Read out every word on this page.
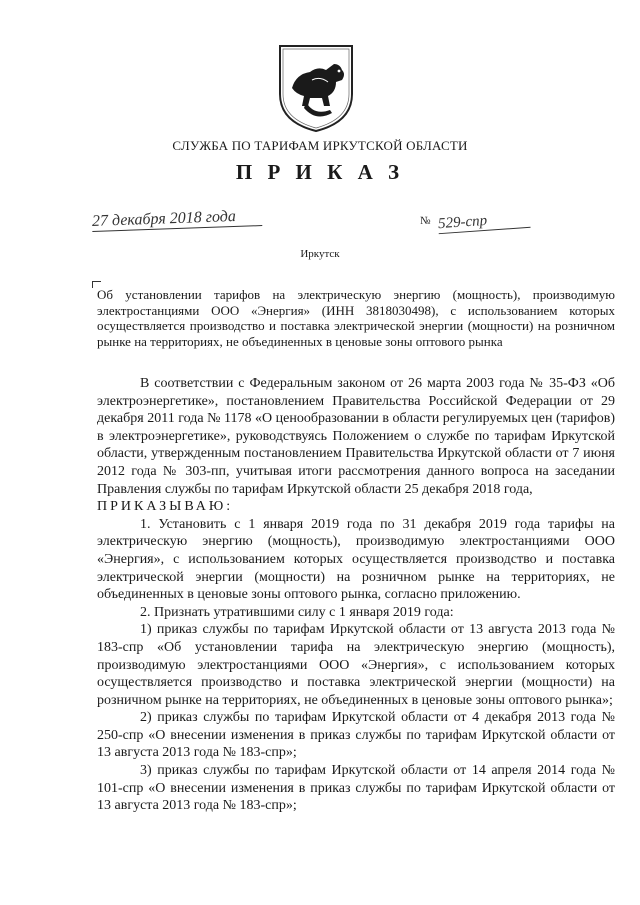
СЛУЖБА ПО ТАРИФАМ ИРКУТСКОЙ ОБЛАСТИ
П Р И К А З
27 декабря 2018 года	№ 529-спр
Иркутск
Об установлении тарифов на электрическую энергию (мощность), производимую электростанциями ООО «Энергия» (ИНН 3818030498), с использованием которых осуществляется производство и поставка электрической энергии (мощности) на розничном рынке на территориях, не объединенных в ценовые зоны оптового рынка

В соответствии с Федеральным законом от 26 марта 2003 года № 35-ФЗ «Об электроэнергетике», постановлением Правительства Российской Федерации от 29 декабря 2011 года № 1178 «О ценообразовании в области регулируемых цен (тарифов) в электроэнергетике», руководствуясь Положением о службе по тарифам Иркутской области, утвержденным постановлением Правительства Иркутской области от 7 июня 2012 года № 303-пп, учитывая итоги рассмотрения данного вопроса на заседании Правления службы по тарифам Иркутской области 25 декабря 2018 года,

ПРИКАЗЫВАЮ:

1. Установить с 1 января 2019 года по 31 декабря 2019 года тарифы на электрическую энергию (мощность), производимую электростанциями ООО «Энергия», с использованием которых осуществляется производство и поставка электрической энергии (мощности) на розничном рынке на территориях, не объединенных в ценовые зоны оптового рынка, согласно приложению.

2. Признать утратившими силу с 1 января 2019 года:

1) приказ службы по тарифам Иркутской области от 13 августа 2013 года № 183-спр «Об установлении тарифа на электрическую энергию (мощность), производимую электростанциями ООО «Энергия», с использованием которых осуществляется производство и поставка электрической энергии (мощности) на розничном рынке на территориях, не объединенных в ценовые зоны оптового рынка»;

2) приказ службы по тарифам Иркутской области от 4 декабря 2013 года № 250-спр «О внесении изменения в приказ службы по тарифам Иркутской области от 13 августа 2013 года № 183-спр»;

3) приказ службы по тарифам Иркутской области от 14 апреля 2014 года № 101-спр «О внесении изменения в приказ службы по тарифам Иркутской области от 13 августа 2013 года № 183-спр»;
